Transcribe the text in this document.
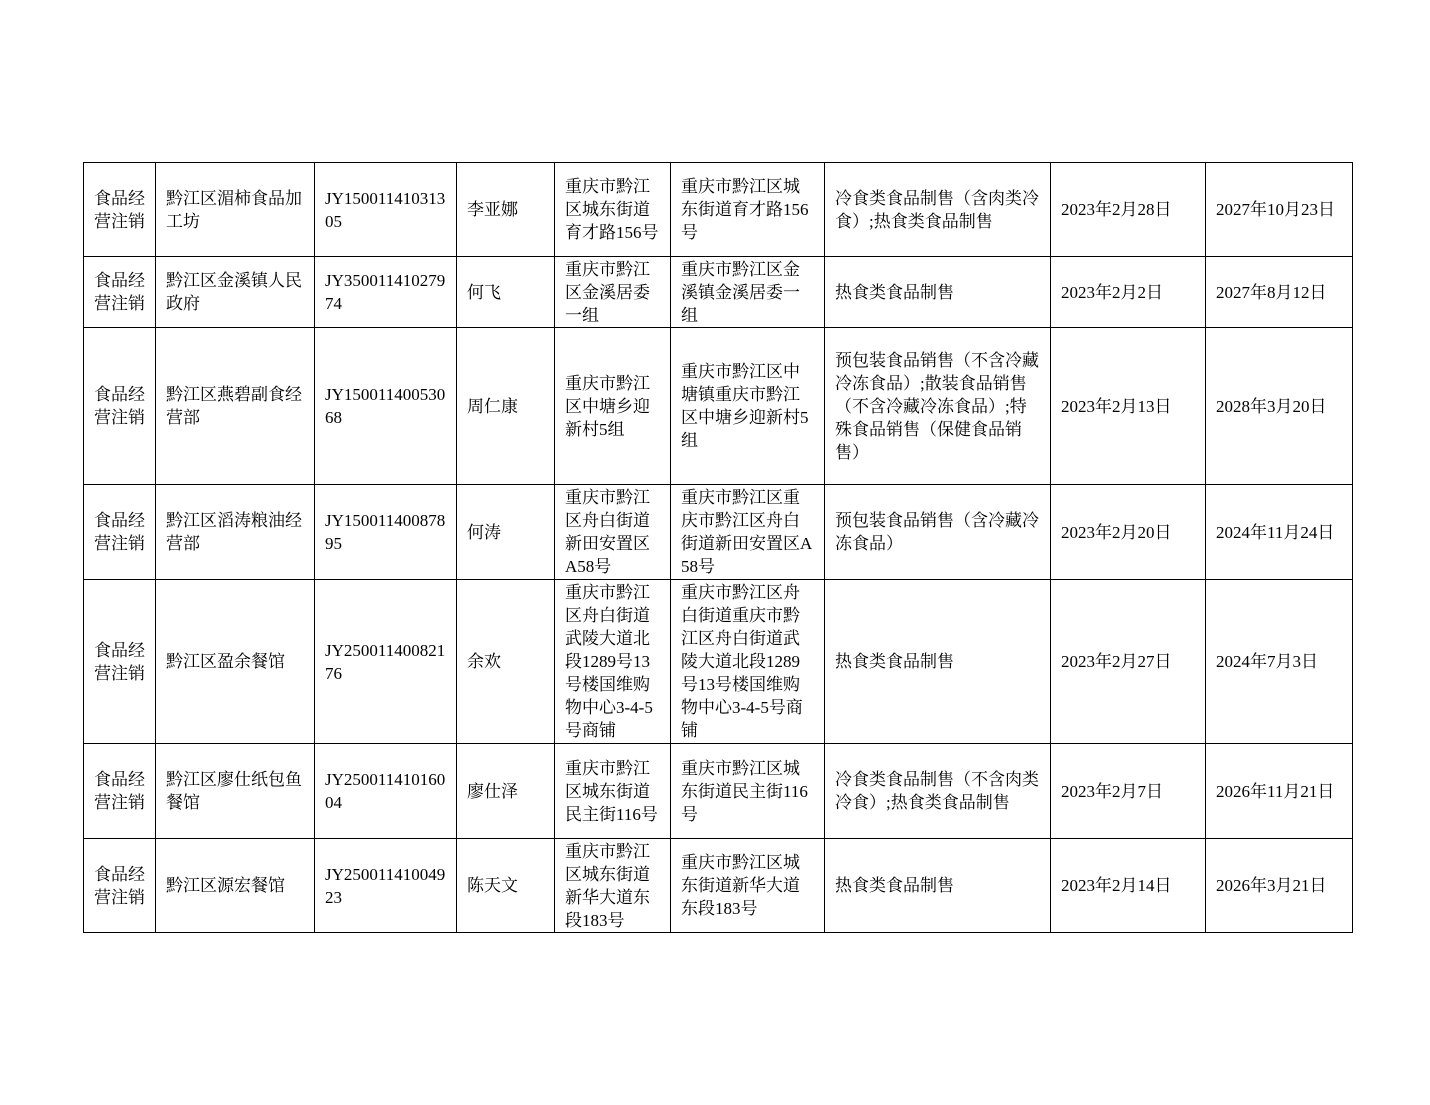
食品经营注销	黔江区湄柿食品加工坊	JY15001141031305	李亚娜	重庆市黔江区城东街道育才路156号	重庆市黔江区城东街道育才路156号	冷食类食品制售（含肉类冷食）;热食类食品制售	2023年2月28日	2027年10月23日
食品经营注销	黔江区金溪镇人民政府	JY35001141027974	何飞	重庆市黔江区金溪居委一组	重庆市黔江区金溪镇金溪居委一组	热食类食品制售	2023年2月2日	2027年8月12日
食品经营注销	黔江区燕碧副食经营部	JY15001140053068	周仁康	重庆市黔江区中塘乡迎新村5组	重庆市黔江区中塘镇重庆市黔江区中塘乡迎新村5组	预包装食品销售（不含冷藏冷冻食品）;散装食品销售（不含冷藏冷冻食品）;特殊食品销售（保健食品销售）	2023年2月13日	2028年3月20日
食品经营注销	黔江区滔涛粮油经营部	JY15001140087895	何涛	重庆市黔江区舟白街道新田安置区A58号	重庆市黔江区重庆市黔江区舟白街道新田安置区A58号	预包装食品销售（含冷藏冷冻食品）	2023年2月20日	2024年11月24日
食品经营注销	黔江区盈余餐馆	JY25001140082176	余欢	重庆市黔江区舟白街道武陵大道北段1289号13号楼国维购物中心3-4-5号商铺	重庆市黔江区舟白街道重庆市黔江区舟白街道武陵大道北段1289号13号楼国维购物中心3-4-5号商铺	热食类食品制售	2023年2月27日	2024年7月3日
食品经营注销	黔江区廖仕纸包鱼餐馆	JY25001141016004	廖仕泽	重庆市黔江区城东街道民主街116号	重庆市黔江区城东街道民主街116号	冷食类食品制售（不含肉类冷食）;热食类食品制售	2023年2月7日	2026年11月21日
食品经营注销	黔江区源宏餐馆	JY25001141004923	陈天文	重庆市黔江区城东街道新华大道东段183号	重庆市黔江区城东街道新华大道东段183号	热食类食品制售	2023年2月14日	2026年3月21日
